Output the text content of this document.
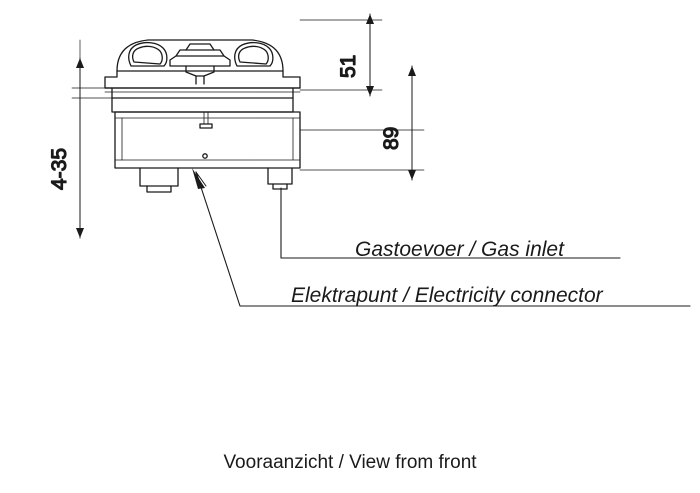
51
89
4-35
Gastoevoer / Gas inlet
Elektrapunt / Electricity connector
Vooraanzicht / View from front
